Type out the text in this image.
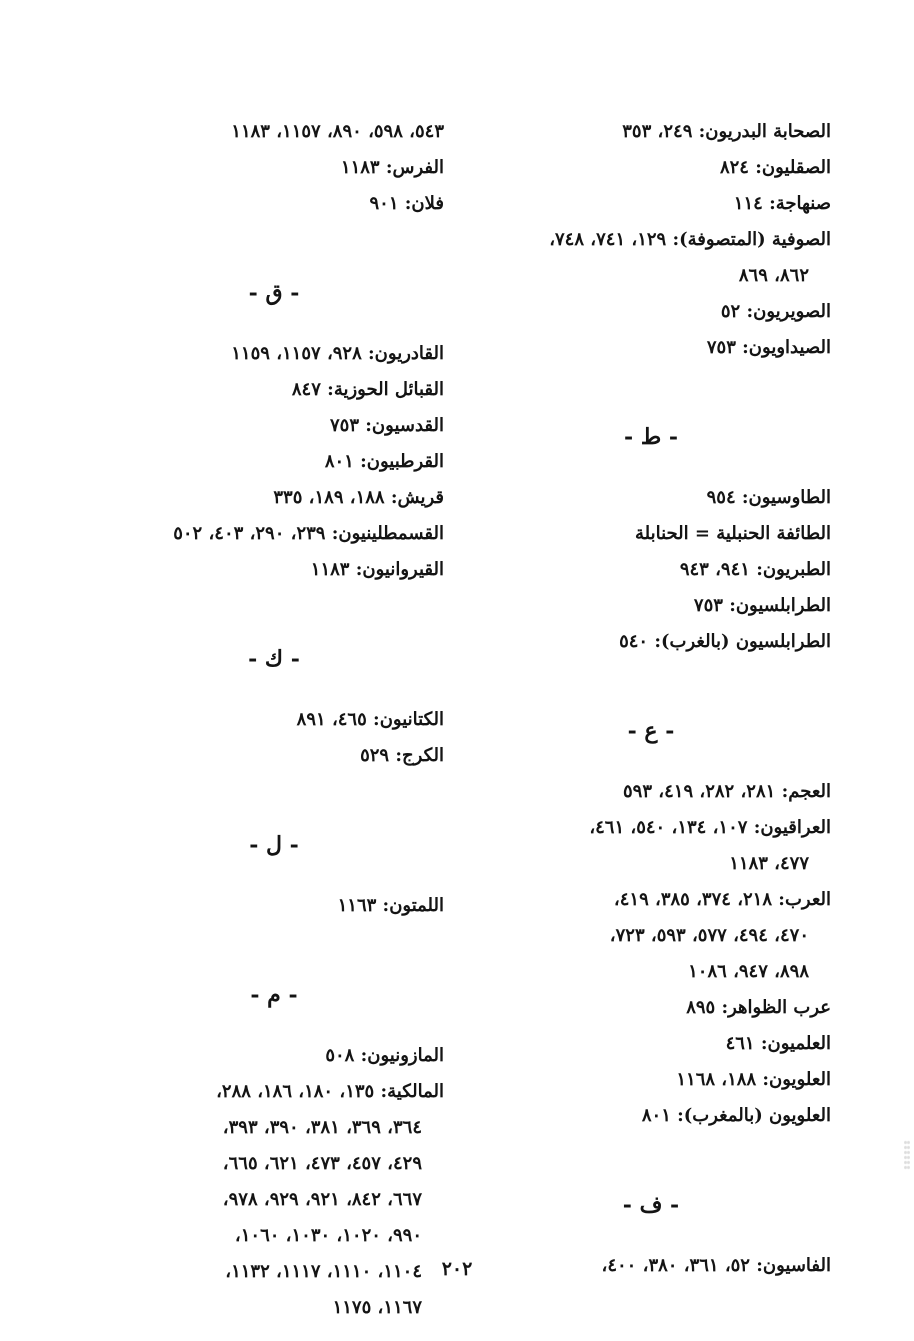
الصحابة البدريون: ٢٤٩، ٣٥٣
الصقليون: ٨٢٤
صنهاجة: ١١٤
الصوفية (المتصوفة): ١٢٩، ٧٤١، ٧٤٨،
٨٦٢، ٨٦٩
الصويريون: ٥٢
الصيداويون: ٧٥٣
- ط -
الطاوسيون: ٩٥٤
الطائفة الحنبلية = الحنابلة
الطبريون: ٩٤١، ٩٤٣
الطرابلسيون: ٧٥٣
الطرابلسيون (بالغرب): ٥٤٠
- ع -
العجم: ٢٨١، ٢٨٢، ٤١٩، ٥٩٣
العراقيون: ١٠٧، ١٣٤، ٥٤٠، ٤٦١،
٤٧٧، ١١٨٣
العرب: ٢١٨، ٣٧٤، ٣٨٥، ٤١٩،
٤٧٠، ٤٩٤، ٥٧٧، ٥٩٣، ٧٢٣،
٨٩٨، ٩٤٧، ١٠٨٦
عرب الظواهر: ٨٩٥
العلميون: ٤٦١
العلويون: ١٨٨، ١١٦٨
العلويون (بالمغرب): ٨٠١
- ف -
الفاسيون: ٥٢، ٣٦١، ٣٨٠، ٤٠٠،
٥٤٣، ٥٩٨، ٨٩٠، ١١٥٧، ١١٨٣
الفرس: ١١٨٣
فلان: ٩٠١
- ق -
القادريون: ٩٢٨، ١١٥٧، ١١٥٩
القبائل الحوزية: ٨٤٧
القدسيون: ٧٥٣
القرطبيون: ٨٠١
قريش: ١٨٨، ١٨٩، ٣٣٥
القسمطلينيون: ٢٣٩، ٢٩٠، ٤٠٣، ٥٠٢
القيروانيون: ١١٨٣
- ك -
الكتانيون: ٤٦٥، ٨٩١
الكرج: ٥٢٩
- ل -
اللمتون: ١١٦٣
- م -
المازونيون: ٥٠٨
المالكية: ١٣٥، ١٨٠، ١٨٦، ٢٨٨،
٣٦٤، ٣٦٩، ٣٨١، ٣٩٠، ٣٩٣،
٤٢٩، ٤٥٧، ٤٧٣، ٦٢١، ٦٦٥،
٦٦٧، ٨٤٢، ٩٢١، ٩٢٩، ٩٧٨،
٩٩٠، ١٠٢٠، ١٠٣٠، ١٠٦٠،
١١٠٤، ١١١٠، ١١١٧، ١١٣٢،
١١٦٧، ١١٧٥
٢٠٢
